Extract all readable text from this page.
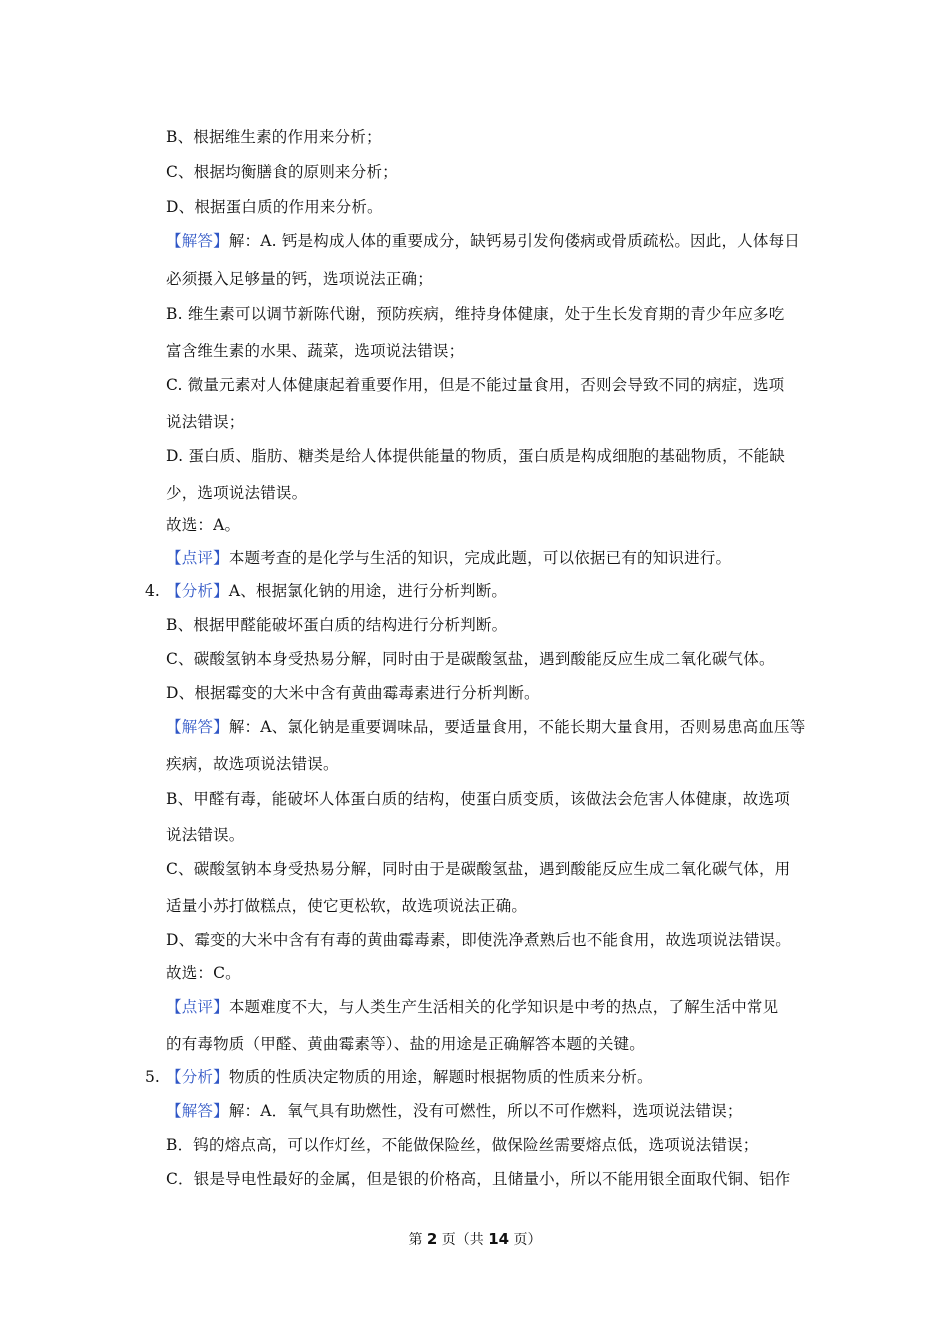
B、根据维生素的作用来分析；
C、根据均衡膳食的原则来分析；
D、根据蛋白质的作用来分析。
【解答】解：A. 钙是构成人体的重要成分，缺钙易引发佝偻病或骨质疏松。因此，人体每日
必须摄入足够量的钙，选项说法正确；
B. 维生素可以调节新陈代谢，预防疾病，维持身体健康，处于生长发育期的青少年应多吃
富含维生素的水果、蔬菜，选项说法错误；
C. 微量元素对人体健康起着重要作用，但是不能过量食用，否则会导致不同的病症，选项
说法错误；
D. 蛋白质、脂肪、糖类是给人体提供能量的物质，蛋白质是构成细胞的基础物质，不能缺
少，选项说法错误。
故选：A。
【点评】本题考查的是化学与生活的知识，完成此题，可以依据已有的知识进行。
4. 【分析】A、根据氯化钠的用途，进行分析判断。
B、根据甲醛能破坏蛋白质的结构进行分析判断。
C、碳酸氢钠本身受热易分解，同时由于是碳酸氢盐，遇到酸能反应生成二氧化碳气体。
D、根据霉变的大米中含有黄曲霉毒素进行分析判断。
【解答】解：A、氯化钠是重要调味品，要适量食用，不能长期大量食用，否则易患高血压等
疾病，故选项说法错误。
B、甲醛有毒，能破坏人体蛋白质的结构，使蛋白质变质，该做法会危害人体健康，故选项
说法错误。
C、碳酸氢钠本身受热易分解，同时由于是碳酸氢盐，遇到酸能反应生成二氧化碳气体，用
适量小苏打做糕点，使它更松软，故选项说法正确。
D、霉变的大米中含有有毒的黄曲霉毒素，即使洗净煮熟后也不能食用，故选项说法错误。
故选：C。
【点评】本题难度不大，与人类生产生活相关的化学知识是中考的热点，了解生活中常见
的有毒物质（甲醛、黄曲霉素等）、盐的用途是正确解答本题的关键。
5. 【分析】物质的性质决定物质的用途，解题时根据物质的性质来分析。
【解答】解：A．氧气具有助燃性，没有可燃性，所以不可作燃料，选项说法错误；
B．钨的熔点高，可以作灯丝，不能做保险丝，做保险丝需要熔点低，选项说法错误；
C．银是导电性最好的金属，但是银的价格高，且储量小，所以不能用银全面取代铜、铝作
第 2 页（共 14 页）
